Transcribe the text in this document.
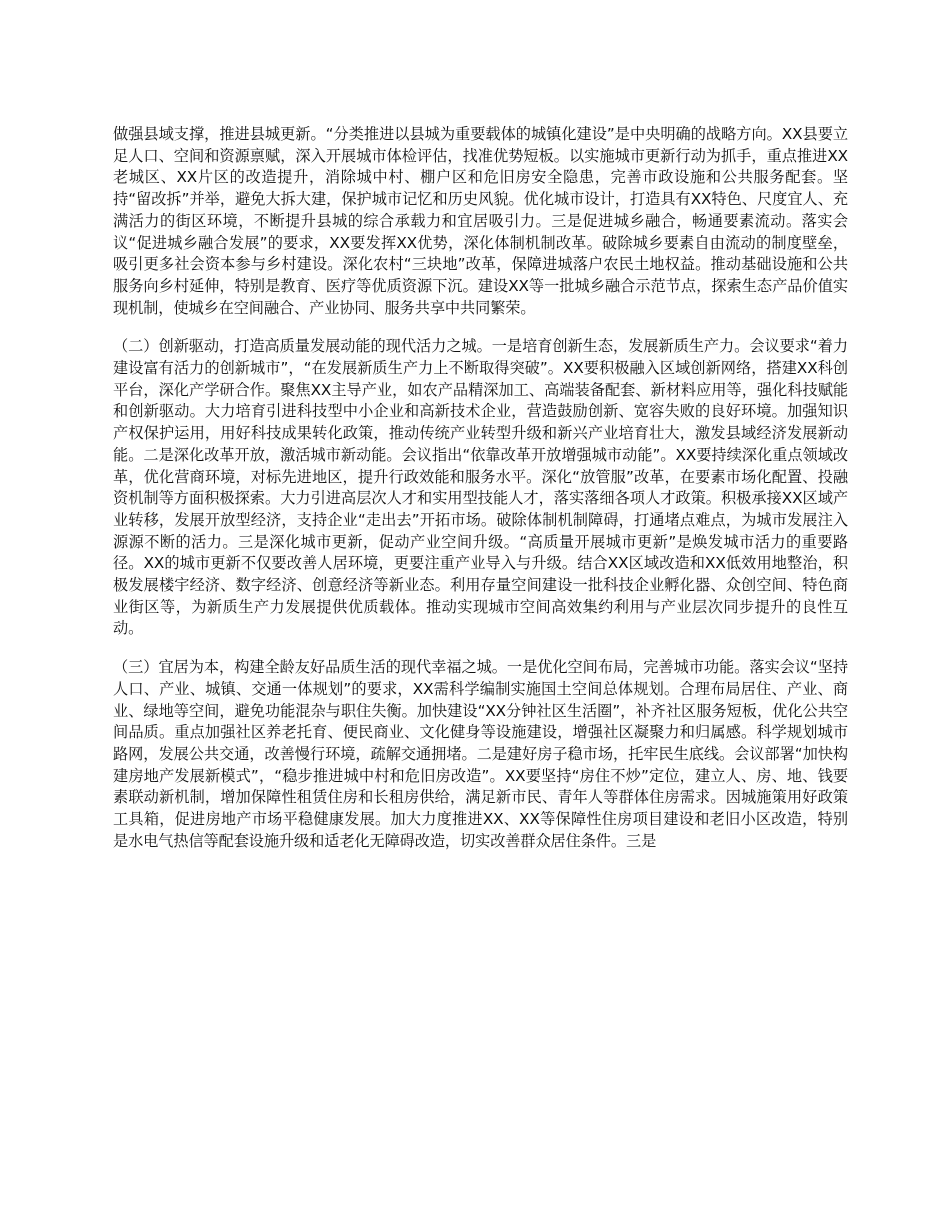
做强县域支撑，推进县城更新。“分类推进以县城为重要载体的城镇化建设”是中央明确的战略方向。XX县要立足人口、空间和资源禀赋，深入开展城市体检评估，找准优势短板。以实施城市更新行动为抓手，重点推进XX老城区、XX片区的改造提升，消除城中村、棚户区和危旧房安全隐患，完善市政设施和公共服务配套。坚持“留改拆”并举，避免大拆大建，保护城市记忆和历史风貌。优化城市设计，打造具有XX特色、尺度宜人、充满活力的街区环境，不断提升县城的综合承载力和宜居吸引力。三是促进城乡融合，畅通要素流动。落实会议“促进城乡融合发展”的要求，XX要发挥XX优势，深化体制机制改革。破除城乡要素自由流动的制度壁垒，吸引更多社会资本参与乡村建设。深化农村“三块地”改革，保障进城落户农民土地权益。推动基础设施和公共服务向乡村延伸，特别是教育、医疗等优质资源下沉。建设XX等一批城乡融合示范节点，探索生态产品价值实现机制，使城乡在空间融合、产业协同、服务共享中共同繁荣。

（二）创新驱动，打造高质量发展动能的现代活力之城。一是培育创新生态，发展新质生产力。会议要求“着力建设富有活力的创新城市”，“在发展新质生产力上不断取得突破”。XX要积极融入区域创新网络，搭建XX科创平台，深化产学研合作。聚焦XX主导产业，如农产品精深加工、高端装备配套、新材料应用等，强化科技赋能和创新驱动。大力培育引进科技型中小企业和高新技术企业，营造鼓励创新、宽容失败的良好环境。加强知识产权保护运用，用好科技成果转化政策，推动传统产业转型升级和新兴产业培育壮大，激发县域经济发展新动能。二是深化改革开放，激活城市新动能。会议指出“依靠改革开放增强城市动能”。XX要持续深化重点领域改革，优化营商环境，对标先进地区，提升行政效能和服务水平。深化“放管服”改革，在要素市场化配置、投融资机制等方面积极探索。大力引进高层次人才和实用型技能人才，落实落细各项人才政策。积极承接XX区域产业转移，发展开放型经济，支持企业“走出去”开拓市场。破除体制机制障碍，打通堵点难点，为城市发展注入源源不断的活力。三是深化城市更新，促动产业空间升级。“高质量开展城市更新”是焕发城市活力的重要路径。XX的城市更新不仅要改善人居环境，更要注重产业导入与升级。结合XX区域改造和XX低效用地整治，积极发展楼宇经济、数字经济、创意经济等新业态。利用存量空间建设一批科技企业孵化器、众创空间、特色商业街区等，为新质生产力发展提供优质载体。推动实现城市空间高效集约利用与产业层次同步提升的良性互动。

（三）宜居为本，构建全龄友好品质生活的现代幸福之城。一是优化空间布局，完善城市功能。落实会议“坚持人口、产业、城镇、交通一体规划”的要求，XX需科学编制实施国土空间总体规划。合理布局居住、产业、商业、绿地等空间，避免功能混杂与职住失衡。加快建设“XX分钟社区生活圈”，补齐社区服务短板，优化公共空间品质。重点加强社区养老托育、便民商业、文化健身等设施建设，增强社区凝聚力和归属感。科学规划城市路网，发展公共交通，改善慢行环境，疏解交通拥堵。二是建好房子稳市场，托牢民生底线。会议部署“加快构建房地产发展新模式”，“稳步推进城中村和危旧房改造”。XX要坚持“房住不炒”定位，建立人、房、地、钱要素联动新机制，增加保障性租赁住房和长租房供给，满足新市民、青年人等群体住房需求。因城施策用好政策工具箱，促进房地产市场平稳健康发展。加大力度推进XX、XX等保障性住房项目建设和老旧小区改造，特别是水电气热信等配套设施升级和适老化无障碍改造，切实改善群众居住条件。三是
